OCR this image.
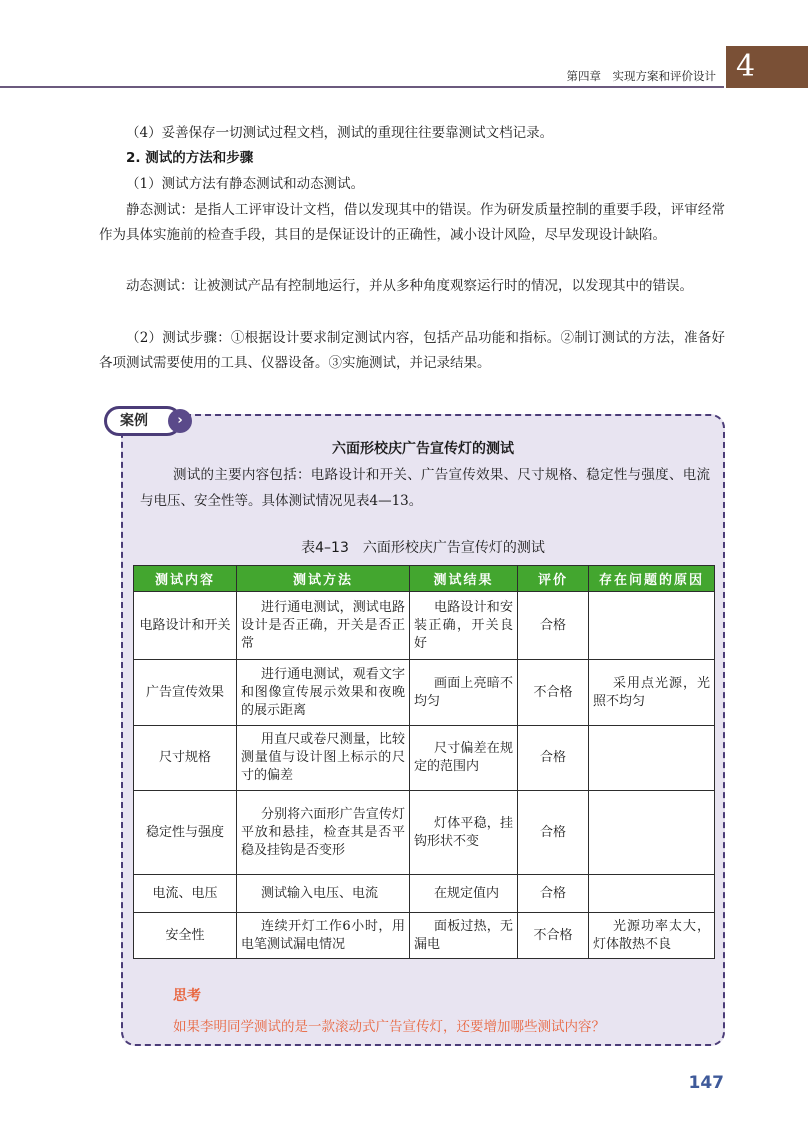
第四章　实现方案和评价设计 4

（4）妥善保存一切测试过程文档，测试的重现往往要靠测试文档记录。

2. 测试的方法和步骤

（1）测试方法有静态测试和动态测试。

静态测试：是指人工评审设计文档，借以发现其中的错误。作为研发质量控制的重要手段，评审经常作为具体实施前的检查手段，其目的是保证设计的正确性，减小设计风险，尽早发现设计缺陷。

动态测试：让被测试产品有控制地运行，并从多种角度观察运行时的情况，以发现其中的错误。

（2）测试步骤：①根据设计要求制定测试内容，包括产品功能和指标。②制订测试的方法，准备好各项测试需要使用的工具、仪器设备。③实施测试，并记录结果。

案例	›
六面形校庆广告宣传灯的测试

测试的主要内容包括：电路设计和开关、广告宣传效果、尺寸规格、稳定性与强度、电流与电压、安全性等。具体测试情况见表4—13。

表4–13　六面形校庆广告宣传灯的测试
测试内容	测试方法	测试结果	评价	存在问题的原因
电路设计和开关	进行通电测试，测试电路设计是否正确，开关是否正常	电路设计和安装正确，开关良好	合格	
广告宣传效果	进行通电测试，观看文字和图像宣传展示效果和夜晚的展示距离	画面上亮暗不均匀	不合格	采用点光源，光照不均匀
尺寸规格	用直尺或卷尺测量，比较测量值与设计图上标示的尺寸的偏差	尺寸偏差在规定的范围内	合格	
稳定性与强度	分别将六面形广告宣传灯平放和悬挂，检查其是否平稳及挂钩是否变形	灯体平稳，挂钩形状不变	合格	
电流、电压	测试输入电压、电流	在规定值内	合格	
安全性	连续开灯工作6小时，用电笔测试漏电情况	面板过热，无漏电	不合格	光源功率太大，灯体散热不良
思考
如果李明同学测试的是一款滚动式广告宣传灯，还要增加哪些测试内容？
147
